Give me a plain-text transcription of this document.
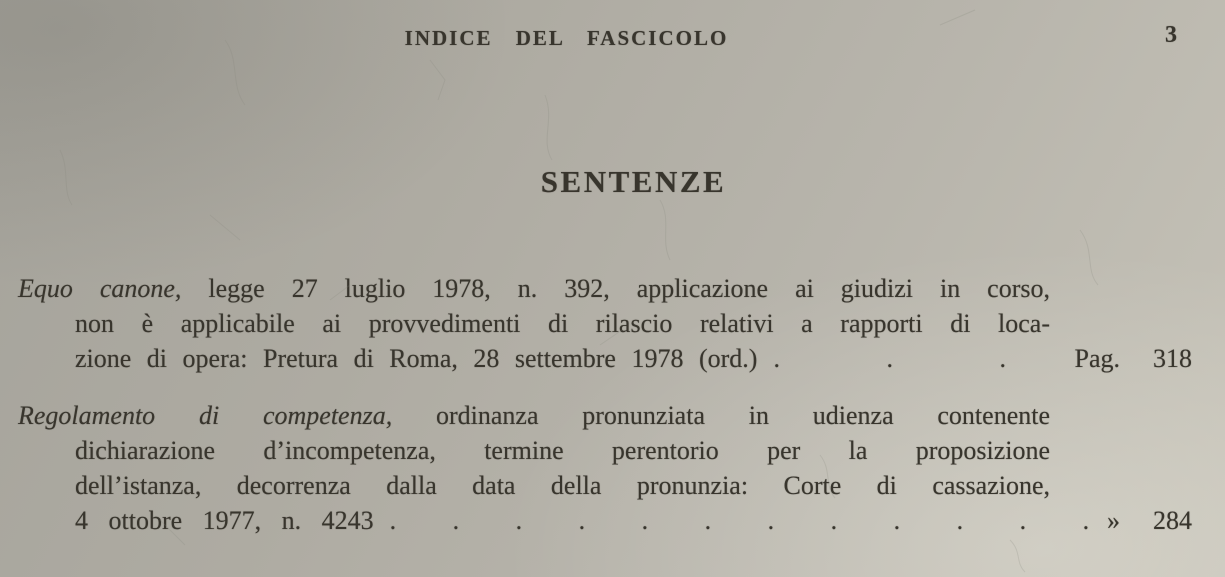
INDICE DEL FASCICOLO	3
SENTENZE
Equo canone, legge 27 luglio 1978, n. 392, applicazione ai giudizi in corso,
non è applicabile ai provvedimenti di rilascio relativi a rapporti di loca-
zione di opera: Pretura di Roma, 28 settembre 1978 (ord.) . . .	Pag.	318
Regolamento di competenza, ordinanza pronunziata in udienza contenente
dichiarazione d’incompetenza, termine perentorio per la proposizione
dell’istanza, decorrenza dalla data della pronunzia: Corte di cassazione,
4 ottobre 1977, n. 4243 . . . . . . . . . . . . »	284
